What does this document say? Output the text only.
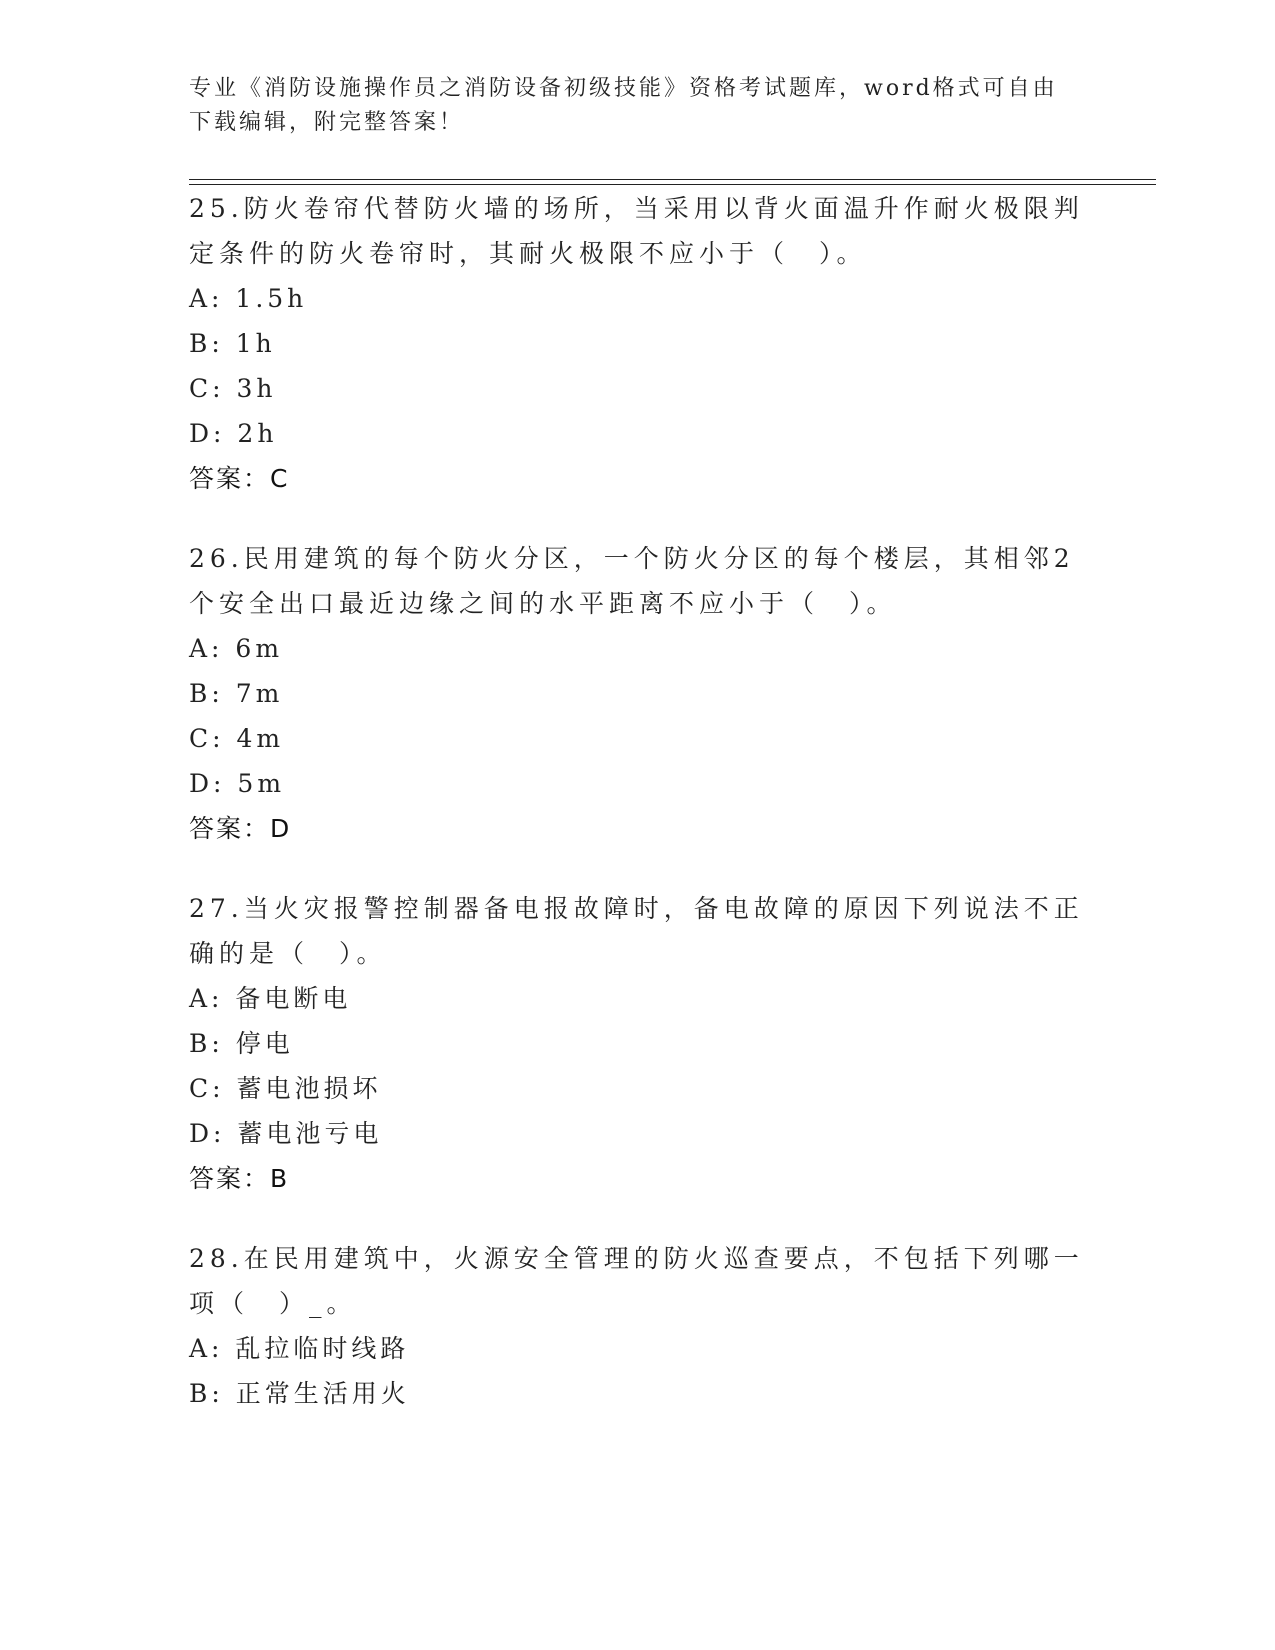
专业《消防设施操作员之消防设备初级技能》资格考试题库，word格式可自由下载编辑，附完整答案！

25.防火卷帘代替防火墙的场所，当采用以背火面温升作耐火极限判定条件的防火卷帘时，其耐火极限不应小于（　）。

A: 1.5h

B: 1h

C: 3h

D: 2h

答案：C

26.民用建筑的每个防火分区，一个防火分区的每个楼层，其相邻2个安全出口最近边缘之间的水平距离不应小于（　）。

A: 6m

B: 7m

C: 4m

D: 5m

答案：D

27.当火灾报警控制器备电报故障时，备电故障的原因下列说法不正确的是（　）。

A: 备电断电

B: 停电

C: 蓄电池损坏

D: 蓄电池亏电

答案：B

28.在民用建筑中，火源安全管理的防火巡查要点，不包括下列哪一项（　）_。

A: 乱拉临时线路

B: 正常生活用火
